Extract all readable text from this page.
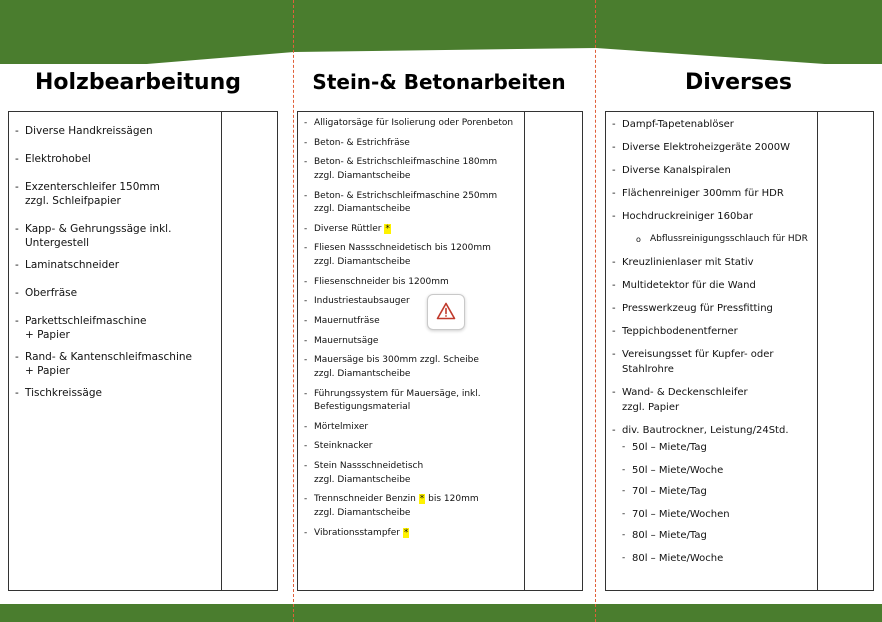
Holzbearbeitung
- Diverse Handkreissägen
- Elektrohobel
- Exzenterschleifer 150mm
zzgl. Schleifpapier
- Kapp- & Gehrungssäge inkl.
Untergestell
- Laminatschneider
- Oberfräse
- Parkettschleifmaschine
+ Papier
- Rand- & Kantenschleifmaschine
+ Papier
- Tischkreissäge
Stein-& Betonarbeiten
- Alligatorsäge für Isolierung oder Porenbeton
- Beton- & Estrichfräse
- Beton- & Estrichschleifmaschine 180mm
zzgl. Diamantscheibe
- Beton- & Estrichschleifmaschine 250mm
zzgl. Diamantscheibe
- Diverse Rüttler *
- Fliesen Nassschneidetisch bis 1200mm
zzgl. Diamantscheibe
- Fliesenschneider bis 1200mm
- Industriestaubsauger
- Mauernutfräse
- Mauernutsäge
- Mauersäge bis 300mm zzgl. Scheibe
zzgl. Diamantscheibe
- Führungssystem für Mauersäge, inkl.
Befestigungsmaterial
- Mörtelmixer
- Steinknacker
- Stein Nassschneidetisch
zzgl. Diamantscheibe
- Trennschneider Benzin * bis 120mm
zzgl. Diamantscheibe
- Vibrationsstampfer *
Diverses
- Dampf-Tapetenablöser
- Diverse Elektroheizgeräte 2000W
- Diverse Kanalspiralen
- Flächenreiniger 300mm für HDR
- Hochdruckreiniger 160bar
o Abflussreinigungsschlauch für HDR
- Kreuzlinienlaser mit Stativ
- Multidetektor für die Wand
- Presswerkzeug für Pressfitting
- Teppichbodenentferner
- Vereisungsset für Kupfer- oder
Stahlrohre
- Wand- & Deckenschleifer
zzgl. Papier
- div. Bautrockner, Leistung/24Std.
- 50l – Miete/Tag
- 50l – Miete/Woche
- 70l – Miete/Tag
- 70l – Miete/Wochen
- 80l – Miete/Tag
- 80l – Miete/Woche
